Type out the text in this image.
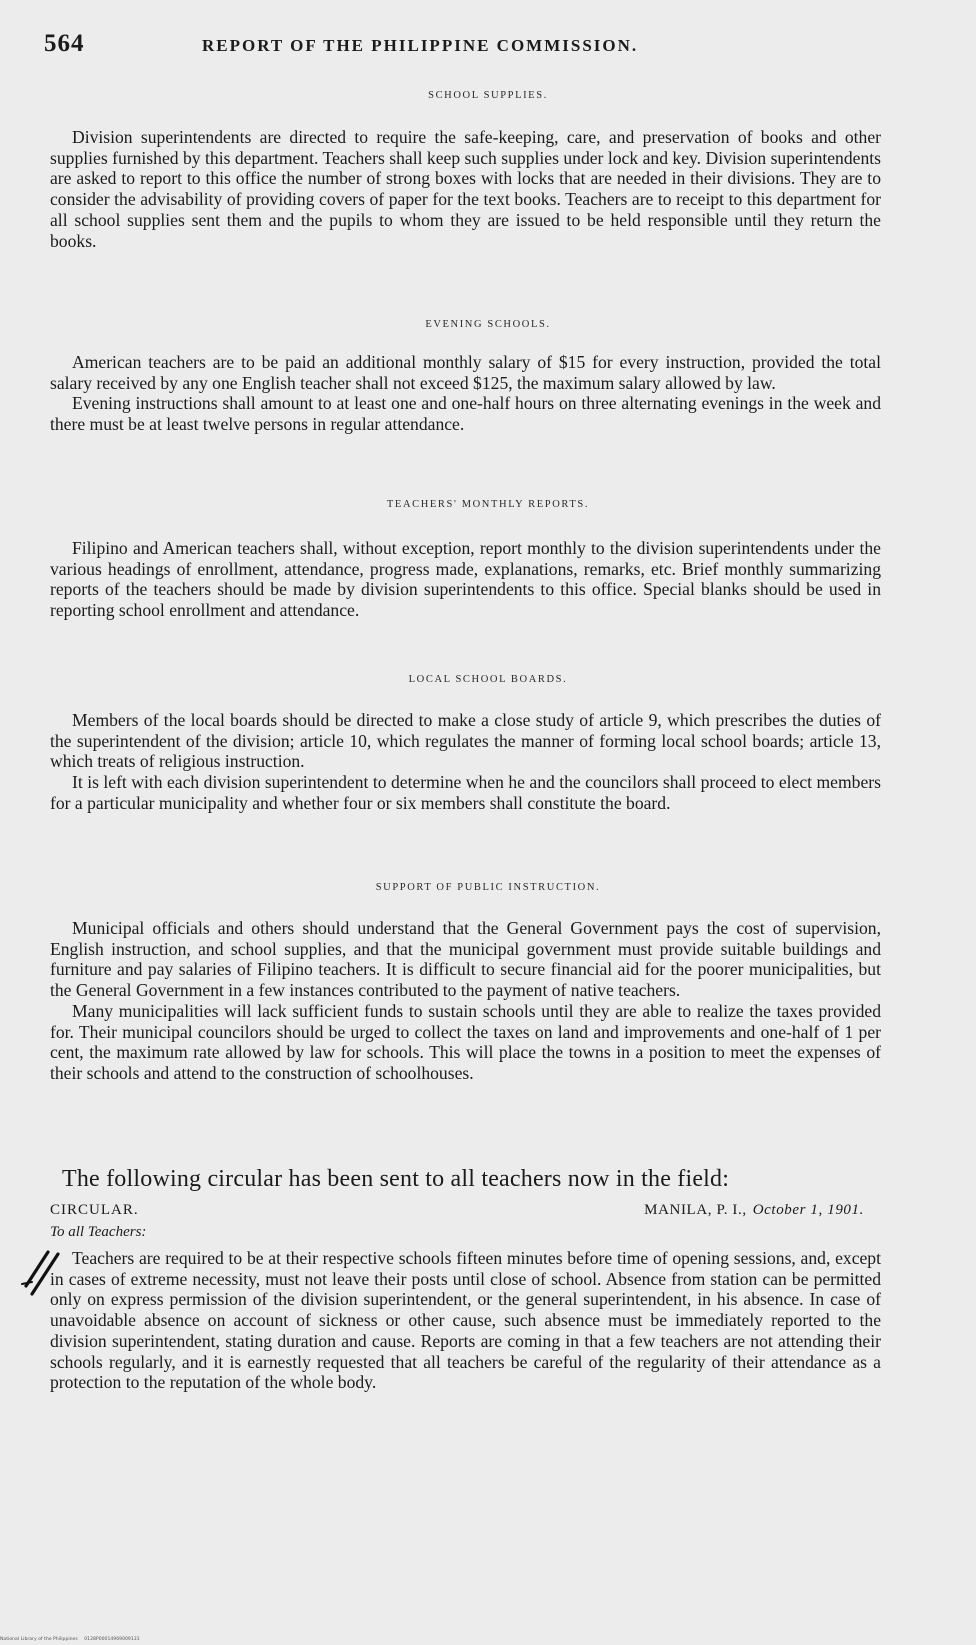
564	REPORT OF THE PHILIPPINE COMMISSION.
SCHOOL SUPPLIES.

Division superintendents are directed to require the safe-keeping, care, and preservation of books and other supplies furnished by this department. Teachers shall keep such supplies under lock and key. Division superintendents are asked to report to this office the number of strong boxes with locks that are needed in their divisions. They are to consider the advisability of providing covers of paper for the text books. Teachers are to receipt to this department for all school supplies sent them and the pupils to whom they are issued to be held responsible until they return the books.

EVENING SCHOOLS.

American teachers are to be paid an additional monthly salary of $15 for every instruction, provided the total salary received by any one English teacher shall not exceed $125, the maximum salary allowed by law.

Evening instructions shall amount to at least one and one-half hours on three alternating evenings in the week and there must be at least twelve persons in regular attendance.

TEACHERS' MONTHLY REPORTS.

Filipino and American teachers shall, without exception, report monthly to the division superintendents under the various headings of enrollment, attendance, progress made, explanations, remarks, etc. Brief monthly summarizing reports of the teachers should be made by division superintendents to this office. Special blanks should be used in reporting school enrollment and attendance.

LOCAL SCHOOL BOARDS.

Members of the local boards should be directed to make a close study of article 9, which prescribes the duties of the superintendent of the division; article 10, which regulates the manner of forming local school boards; article 13, which treats of religious instruction.

It is left with each division superintendent to determine when he and the councilors shall proceed to elect members for a particular municipality and whether four or six members shall constitute the board.

SUPPORT OF PUBLIC INSTRUCTION.

Municipal officials and others should understand that the General Government pays the cost of supervision, English instruction, and school supplies, and that the municipal government must provide suitable buildings and furniture and pay salaries of Filipino teachers. It is difficult to secure financial aid for the poorer municipalities, but the General Government in a few instances contributed to the payment of native teachers.

Many municipalities will lack sufficient funds to sustain schools until they are able to realize the taxes provided for. Their municipal councilors should be urged to collect the taxes on land and improvements and one-half of 1 per cent, the maximum rate allowed by law for schools. This will place the towns in a position to meet the expenses of their schools and attend to the construction of schoolhouses.

The following circular has been sent to all teachers now in the field:
CIRCULAR.	MANILA, P. I., October 1, 1901.
To all Teachers:

Teachers are required to be at their respective schools fifteen minutes before time of opening sessions, and, except in cases of extreme necessity, must not leave their posts until close of school. Absence from station can be permitted only on express permission of the division superintendent, or the general superintendent, in his absence. In case of unavoidable absence on account of sickness or other cause, such absence must be immediately reported to the division superintendent, stating duration and cause. Reports are coming in that a few teachers are not attending their schools regularly, and it is earnestly requested that all teachers be careful of the regularity of their attendance as a protection to the reputation of the whole body.

National Library of the Philippines 0128P00014969009131
